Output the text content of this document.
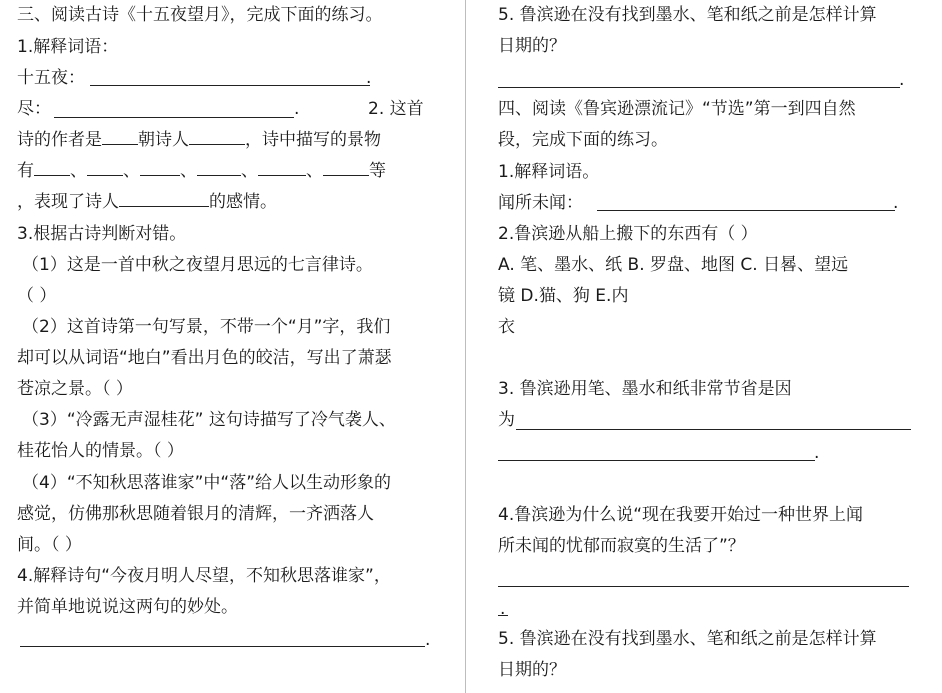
三、阅读古诗《十五夜望月》，完成下面的练习。
1.解释词语：
十五夜：	.
尽：	.	2. 这首
诗的作者是 朝诗人	，诗中描写的景物
有 、 、 、	、	、	等
，表现了诗人	的感情。
3.根据古诗判断对错。
（1）这是一首中秋之夜望月思远的七言律诗。
（ ）
（2）这首诗第一句写景，不带一个“月”字，我们
却可以从词语“地白”看出月色的皎洁，写出了萧瑟
苍凉之景。（ ）
（3）“冷露无声湿桂花” 这句诗描写了冷气袭人、
桂花怡人的情景。（ ）
（4）“不知秋思落谁家”中“落”给人以生动形象的
感觉，仿佛那秋思随着银月的清辉，一齐洒落人
间。（ ）
4.解释诗句“今夜月明人尽望，不知秋思落谁家”，
并简单地说说这两句的妙处。
.
5. 鲁滨逊在没有找到墨水、笔和纸之前是怎样计算
日期的？
.
四、阅读《鲁宾逊漂流记》“节选”第一到四自然
段，完成下面的练习。
1.解释词语。
闻所未闻：	.
2.鲁滨逊从船上搬下的东西有（ ）
A. 笔、墨水、纸 B. 罗盘、地图 C. 日晷、望远
镜 D.猫、狗 E.内
衣
3. 鲁滨逊用笔、墨水和纸非常节省是因
为
.
4.鲁滨逊为什么说“现在我要开始过一种世界上闻
所未闻的忧郁而寂寞的生活了”？
.
5. 鲁滨逊在没有找到墨水、笔和纸之前是怎样计算
日期的？
